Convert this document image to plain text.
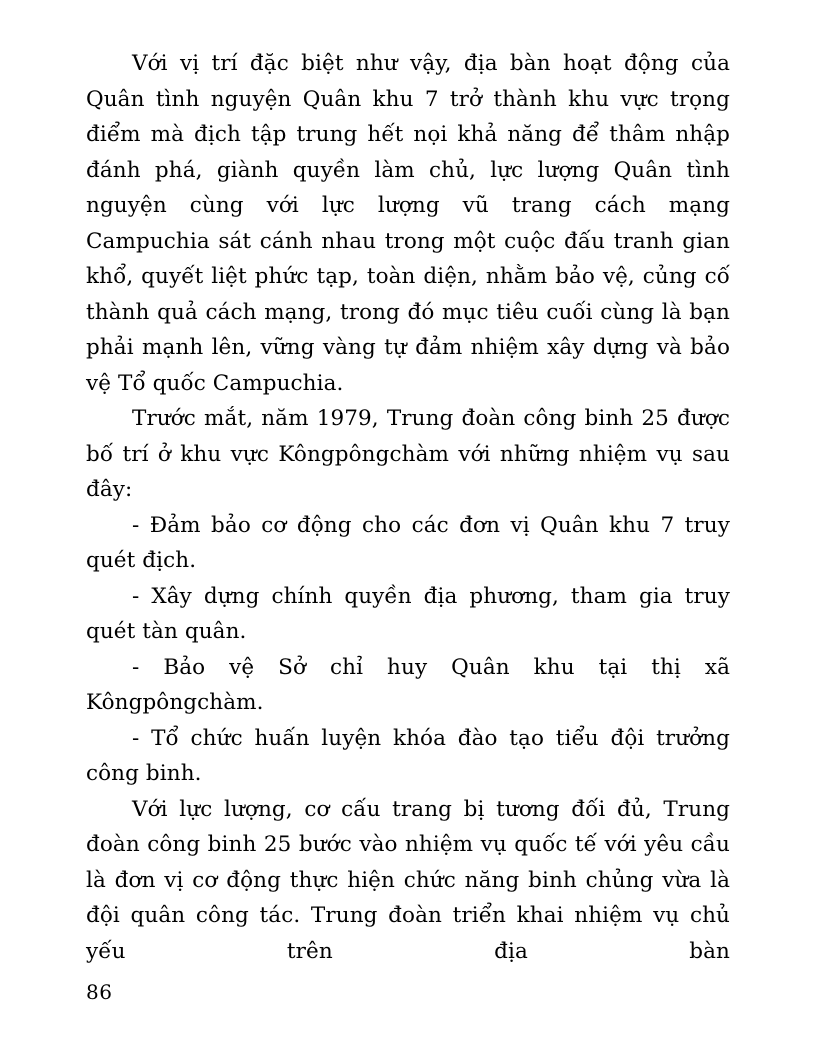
Với vị trí đặc biệt như vậy, địa bàn hoạt động của Quân tình nguyện Quân khu 7 trở thành khu vực trọng điểm mà địch tập trung hết nọi khả năng để thâm nhập đánh phá, giành quyền làm chủ, lực lượng Quân tình nguyện cùng với lực lượng vũ trang cách mạng Campuchia sát cánh nhau trong một cuộc đấu tranh gian khổ, quyết liệt phức tạp, toàn diện, nhằm bảo vệ, củng cố thành quả cách mạng, trong đó mục tiêu cuối cùng là bạn phải mạnh lên, vững vàng tự đảm nhiệm xây dựng và bảo vệ Tổ quốc Campuchia.

Trước mắt, năm 1979, Trung đoàn công binh 25 được bố trí ở khu vực Kôngpôngchàm với những nhiệm vụ sau đây:

- Đảm bảo cơ động cho các đơn vị Quân khu 7 truy quét địch.

- Xây dựng chính quyền địa phương, tham gia truy quét tàn quân.

- Bảo vệ Sở chỉ huy Quân khu tại thị xã Kôngpôngchàm.

- Tổ chức huấn luyện khóa đào tạo tiểu đội trưởng công binh.

Với lực lượng, cơ cấu trang bị tương đối đủ, Trung đoàn công binh 25 bước vào nhiệm vụ quốc tế với yêu cầu là đơn vị cơ động thực hiện chức năng binh chủng vừa là đội quân công tác. Trung đoàn triển khai nhiệm vụ chủ yếu trên địa bàn

86
